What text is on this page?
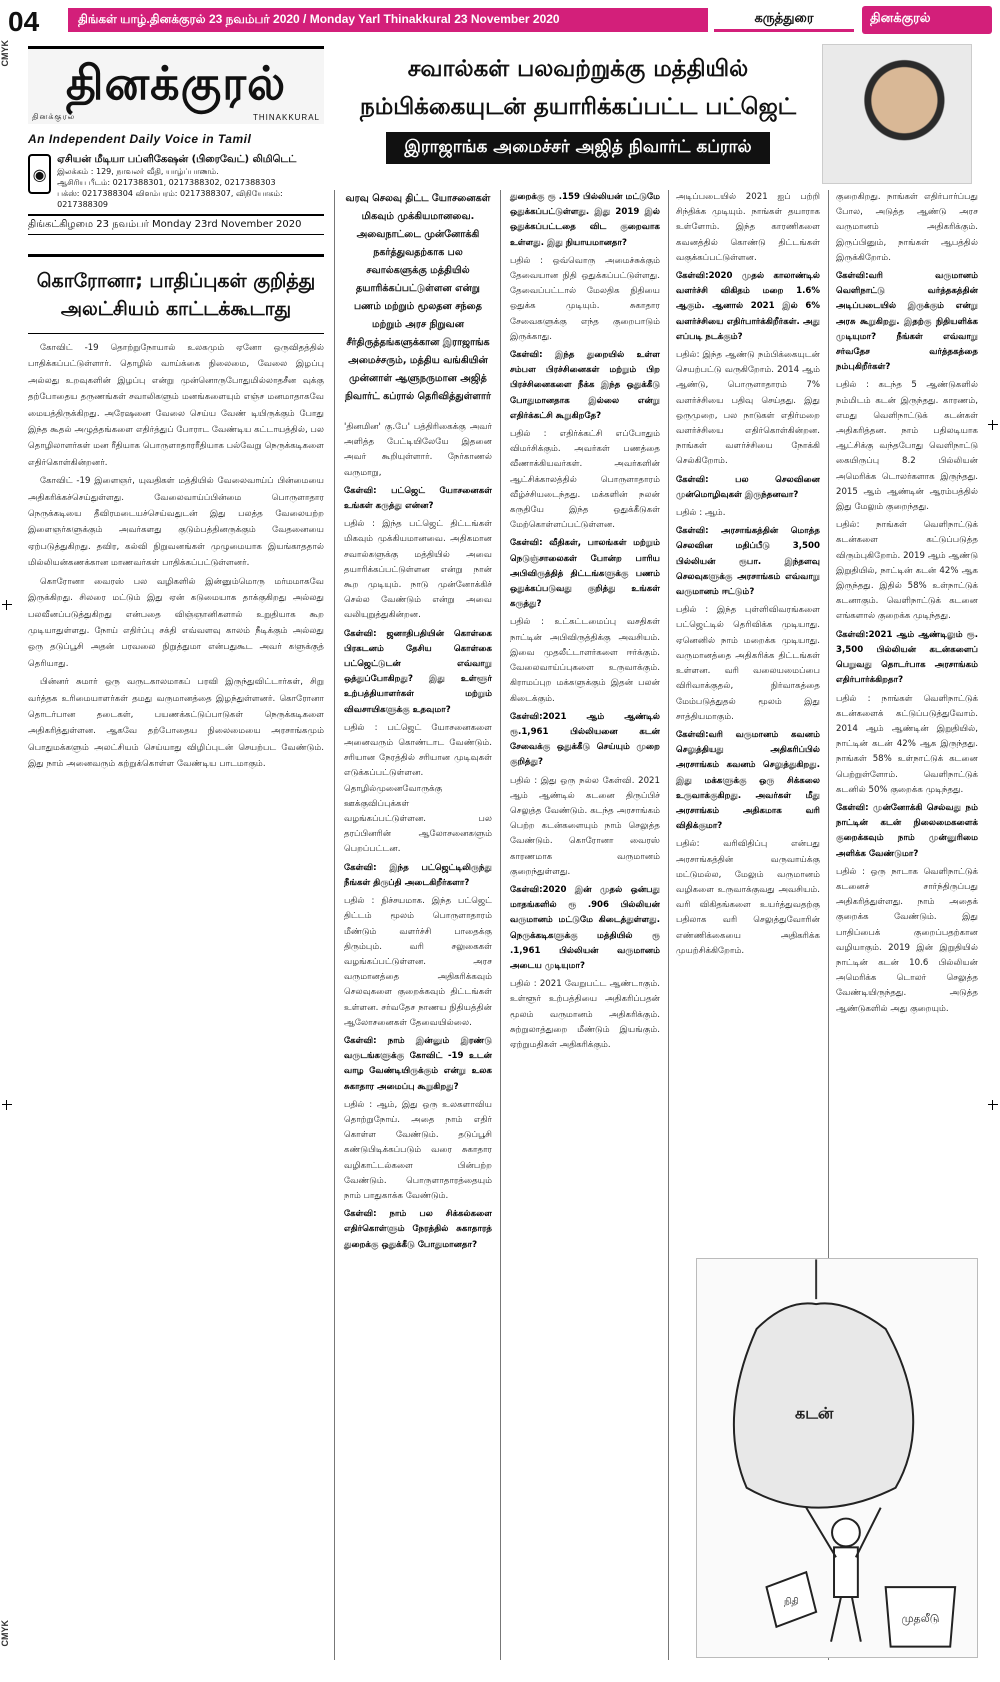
04	திங்கள் யாழ்.தினக்குரல் 23 நவம்பர் 2020 / Monday Yarl Thinakkural 23 November 2020	கருத்துரை	தினக்குரல்
CMYK
CMYK
தினக்குரல்
தினக்குரல்	THINAKKURAL
An Independent Daily Voice in Tamil
◉
ஏசியன் மீடியா பப்ளிகேஷன் (பிரைவேட்) லிமிடெட்
இலக்கம் : 129, நாவலர் வீதி, யாழ்ப்பாணம்.
ஆசிரிய பீடம்: 0217388301, 0217388302, 0217388303
பக்ஸ்: 0217388304 விளம்பரம்: 0217388307, விநியோகம்: 0217388309
திங்கட்கிழமை 23 நவம்பர் Monday 23rd November 2020
கொரோனா; பாதிப்புகள் குறித்து அலட்சியம் காட்டக்கூடாது

கோவிட் -19 தொற்றுநோயால் உலகமும் ஏனோ ஒருவிதத்தில் பாதிக்கப்பட்டுள்ளார். தொழில் வாய்க்கை நிலைமை, வேலை இழப்பு அல்லது உறவுகளின் இழப்பு என்று முன்னொருபோதுமில்லாதசீன வுக்கு தற்போதைய தருணங்கள் சவாலிகளும் மனங்களையும் எஞ்ச மனமாதாகவே மையத்திருக்கிறது. அரேஷனை வேலை செய்ய வேண் டியிருக்கும் போது இந்த கூதல் அழுத்தங்களை எதிர்த்துப் போராட வேண்டிய கட்டாயத்தில், பல தொழிலாளர்கள் மன ரீதியாக பொருளாதாரரீதியாக பல்வேறு நெருக்கடிகளை எதிர்கொள்கின்றனர்.

கோவிட் -19 இளைஞர், யுவதிகள் மத்தியில் வேலைவாய்ப் பின்மையை அதிகரிக்கச்செய்துள்ளது. வேலைவாய்ப்பின்மை பொருளாதார நெருக்கடியை தீவிரமடையச்செய்வதுடன் இது பலத்த வேலையற்ற இளைஞர்களுக்கும் அவர்களது குடும்பத்தினருக்கும் வேதனையை ஏற்படுத்துகிறது. தவிர, கல்வி நிறுவனங்கள் முழுமையாக இயங்காததால் மில்லியன்கணக்கான மாணவர்கள் பாதிக்கப்பட்டுள்ளனர்.

கொரோனா வைரஸ் பல வழிகளில் இன்னும்மொரு மர்மமாகவே இருக்கிறது. சிலரை மட்டும் இது ஏன் கடுமையாக தாக்குகிறது அல்லது பலவீனப்படுத்துகிறது என்பதை விஞ்ஞானிகளால் உறுதியாக கூற முடியாதுள்ளது. நோய் எதிர்ப்பு சக்தி எவ்வளவு காலம் நீடிக்கும் அல்லது ஒரு தடுப்பூசி அதன் பரவலை நிறுத்துமா என்பதுகூட அவர் களுக்குத் தெரியாது.

பின்னர் சுமார் ஒரு வருடகாலமாகப் பரவி இருந்துவிட்டார்கள், சிறு வர்த்தக உரிமையாளர்கள் தமது வருமானத்தை இழந்துள்ளனர். கொரோனா தொடர்பான தடைகள், பயணக்கட்டுப்பாடுகள் நெருக்கடிகளை அதிகரித்துள்ளன. ஆகவே தற்போதைய நிலைமையை அரசாங்கமும் பொதுமக்களும் அலட்சியம் செய்யாது விழிப்புடன் செயற்பட வேண்டும். இது நாம் அனைவரும் கற்றுக்கொள்ள வேண்டிய பாடமாகும்.

சவால்கள் பலவற்றுக்கு மத்தியில்
நம்பிக்கையுடன் தயாரிக்கப்பட்ட பட்ஜெட்
இராஜாங்க அமைச்சர் அஜித் நிவார்ட் கப்ரால்
வரவு செலவு திட்ட யோசனைகள் மிகவும் முக்கியமானவை. அவைநாட்டை முன்னோக்கி நகர்த்துவதற்காக பல சவால்களுக்கு மத்தியில் தயாரிக்கப்பட்டுள்ளன என்று பணம் மற்றும் மூலதன சந்தை மற்றும் அரச நிறுவன சீர்திருத்தங்களுக்கான இராஜாங்க அமைச்சரும், மத்திய வங்கியின் முன்னாள் ஆளுநருமான அஜித் நிவார்ட் கப்ரால் தெரிவித்துள்ளார்

'தினமின' கு.பே' பத்திரிகைக்கு அவர் அளித்த பேட்டியிலேயே இதனை அவர் கூறியுள்ளார். நேர்காணல் வருமாறு,

கேள்வி: பட்ஜெட் யோசனைகள் உங்கள் கருத்து என்ன?

பதில் : இந்த பட்ஜெட் திட்டங்கள் மிகவும் முக்கியமானவை. அதிகமான சவால்களுக்கு மத்தியில் அவை தயாரிக்கப்பட்டுள்ளன என்று நான் கூற முடியும். நாடு முன்னோக்கிச் செல்ல வேண்டும் என்று அவை வலியுறுத்துகின்றன.

கேள்வி: ஜனாதிபதியின் கொள்கை பிரகடனம் தேசிய கொள்கை பட்ஜெட்டுடன் எவ்வாறு ஒத்துப்போகிறது? இது உள்ளூர் உற்பத்தியாளர்கள் மற்றும் விவசாயிகளுக்கு உதவுமா?

பதில் : பட்ஜெட் யோசனைகளை அனைவரும் கொண்டாட வேண்டும். சரியான நேரத்தில் சரியான முடிவுகள் எடுக்கப்பட்டுள்ளன. தொழில்முனைவோருக்கு ஊக்குவிப்புக்கள் வழங்கப்பட்டுள்ளன. பல தரப்பினரின் ஆலோசனைகளும் பெறப்பட்டன.

கேள்வி: இந்த பட்ஜெட்டிலிருந்து நீங்கள் திருப்தி அடைகிறீர்களா?

பதில் : நிச்சயமாக. இந்த பட்ஜெட் திட்டம் மூலம் பொருளாதாரம் மீண்டும் வளர்ச்சி பாதைக்கு திரும்பும். வரி சலுகைகள் வழங்கப்பட்டுள்ளன. அரச வருமானத்தை அதிகரிக்கவும் செலவுகளை குறைக்கவும் திட்டங்கள் உள்ளன. சர்வதேச நாணய நிதியத்தின் ஆலோசனைகள் தேவையில்லை.

கேள்வி: நாம் இன்னும் இரண்டு வருடங்களுக்கு கோவிட் -19 உடன் வாழ வேண்டியிருக்கும் என்று உலக சுகாதார அமைப்பு கூறுகிறது?

பதில் : ஆம், இது ஒரு உலகளாவிய தொற்றுநோய். அதை நாம் எதிர் கொள்ள வேண்டும். தடுப்பூசி கண்டுபிடிக்கப்படும் வரை சுகாதார வழிகாட்டல்களை பின்பற்ற வேண்டும். பொருளாதாரத்தையும் நாம் பாதுகாக்க வேண்டும்.

கேள்வி: நாம் பல சிக்கல்களை எதிர்கொள்ளும் நேரத்தில் சுகாதாரத் துறைக்கு ஒதுக்கீடு போதுமானதா?

துறைக்கு ரூ .159 பில்லியன் மட்டுமே ஒதுக்கப்பட்டுள்ளது. இது 2019 இல் ஒதுக்கப்பட்டதை விட குறைவாக உள்ளது. இது நியாயமானதா?

பதில் : ஒவ்வொரு அமைச்சுக்கும் தேவையான நிதி ஒதுக்கப்பட்டுள்ளது. தேவைப்பட்டால் மேலதிக நிதியை ஒதுக்க முடியும். சுகாதார சேவைகளுக்கு எந்த குறைபாடும் இருக்காது.

கேள்வி: இந்த துறையில் உள்ள சம்பள பிரச்சினைகள் மற்றும் பிற பிரச்சினைகளை நீக்க இந்த ஒதுக்கீடு போதுமானதாக இல்லை என்று எதிர்க்கட்சி கூறுகிறதே?

பதில் : எதிர்க்கட்சி எப்போதும் விமர்சிக்கும். அவர்கள் பணத்தை வீணாக்கியவர்கள். அவர்களின் ஆட்சிக்காலத்தில் பொருளாதாரம் வீழ்ச்சியடைந்தது. மக்களின் நலன் கருதியே இந்த ஒதுக்கீடுகள் மேற்கொள்ளப்பட்டுள்ளன.

கேள்வி: வீதிகள், பாலங்கள் மற்றும் நெடுஞ்சாலைகள் போன்ற பாரிய அபிவிருத்தித் திட்டங்களுக்கு பணம் ஒதுக்கப்படுவது குறித்து உங்கள் கருத்து?

பதில் : உட்கட்டமைப்பு வசதிகள் நாட்டின் அபிவிருத்திக்கு அவசியம். இவை முதலீட்டாளர்களை ஈர்க்கும். வேலைவாய்ப்புகளை உருவாக்கும். கிராமப்புற மக்களுக்கும் இதன் பலன் கிடைக்கும்.

கேள்வி:2021 ஆம் ஆண்டில் ரூ.1,961 பில்லியனை கடன் சேவைக்கு ஒதுக்கீடு செய்யும் முறை குறித்து?

பதில் : இது ஒரு நல்ல கேள்வி. 2021 ஆம் ஆண்டில் கடனை திருப்பிச் செலுத்த வேண்டும். கடந்த அரசாங்கம் பெற்ற கடன்களையும் நாம் செலுத்த வேண்டும். கொரோனா வைரஸ் காரணமாக வருமானம் குறைந்துள்ளது.

கேள்வி:2020 இன் முதல் ஒன்பது மாதங்களில் ரூ .906 பில்லியன் வருமானம் மட்டுமே கிடைத்துள்ளது. நெருக்கடிகளுக்கு மத்தியில் ரூ .1,961 பில்லியன் வருமானம் அடைய முடியுமா?

பதில் : 2021 வேறுபட்ட ஆண்டாகும். உள்ளூர் உற்பத்தியை அதிகரிப்பதன் மூலம் வருமானம் அதிகரிக்கும். சுற்றுலாத்துறை மீண்டும் இயங்கும். ஏற்றுமதிகள் அதிகரிக்கும்.

அடிப்படையில் 2021 ஐப் பற்றி சிந்திக்க முடியும். நாங்கள் தயாராக உள்ளோம். இந்த காரணிகளை கவனத்தில் கொண்டு திட்டங்கள் வகுக்கப்பட்டுள்ளன.

கேள்வி:2020 முதல் காலாண்டில் வளர்ச்சி விகிதம் மறை 1.6% ஆகும். ஆனால் 2021 இல் 6% வளர்ச்சியை எதிர்பார்க்கிறீர்கள். அது எப்படி நடக்கும்?

பதில்: இந்த ஆண்டு நம்பிக்கையுடன் செயற்பட்டு வருகிறோம். 2014 ஆம் ஆண்டு, பொருளாதாரம் 7% வளர்ச்சியை பதிவு செய்தது. இது ஒருமுறை, பல நாடுகள் எதிர்மறை வளர்ச்சியை எதிர்கொள்கின்றன. நாங்கள் வளர்ச்சியை நோக்கி செல்கிறோம்.

கேள்வி: பல செலவினை முன்மொழிவுகள் இருந்தனவா?

பதில் : ஆம்.

கேள்வி: அரசாங்கத்தின் மொத்த செலவின மதிப்பீடு 3,500 பில்லியன் ரூபா. இந்தளவு செலவுகளுக்கு அரசாங்கம் எவ்வாறு வருமானம் ஈட்டும்?

பதில் : இந்த புள்ளிவிவரங்களை பட்ஜெட்டில் தெரிவிக்க முடியாது. ஏனெனில் நாம் மறைக்க முடியாது. வருமானத்தை அதிகரிக்க திட்டங்கள் உள்ளன. வரி வலையமைப்பை விரிவாக்குதல், நிர்வாகத்தை மேம்படுத்துதல் மூலம் இது சாத்தியமாகும்.

கேள்வி:வரி வருமானம் கவனம் செலுத்தியது அதிகரிப்பில் அரசாங்கம் கவனம் செலுத்துகிறது. இது மக்களுக்கு ஒரு சிக்கலை உருவாக்குகிறது. அவர்கள் மீது அரசாங்கம் அதிகமாக வரி விதிக்குமா?

பதில்: வரிவிதிப்பு என்பது அரசாங்கத்தின் வருவாய்க்கு மட்டுமல்ல, மேலும் வருமானம் வழிகளை உருவாக்குவது அவசியம். வரி விகிதங்களை உயர்த்துவதற்கு பதிலாக வரி செலுத்துவோரின் எண்ணிக்கையை அதிகரிக்க முயற்சிக்கிறோம்.

குறைகிறது. நாங்கள் எதிர்பார்ப்பது போல, அடுத்த ஆண்டு அரச வருமானம் அதிகரிக்கும். இருப்பினும், நாங்கள் ஆபத்தில் இருக்கிறோம்.

கேள்வி:வரி வருமானம் வெளிநாட்டு வர்த்தகத்தின் அடிப்படையில் இருக்கும் என்று அரசு கூறுகிறது. இதற்கு நிதியளிக்க முடியுமா? நீங்கள் எவ்வாறு சர்வதேச வர்த்தகத்தை நம்புகிறீர்கள்?

பதில் : கடந்த 5 ஆண்டுகளில் நம்மிடம் கடன் இருந்தது. காரணம், எமது வெளிநாட்டுக் கடன்கள் அதிகரித்தன. நாம் பதிலடியாக ஆட்சிக்கு வந்தபோது வெளிநாட்டு கையிருப்பு 8.2 பில்லியன் அமெரிக்க டொலர்களாக இருந்தது. 2015 ஆம் ஆண்டின் ஆரம்பத்தில் இது மேலும் குறைந்தது.

பதில்: நாங்கள் வெளிநாட்டுக் கடன்களை கட்டுப்படுத்த விரும்புகிறோம். 2019 ஆம் ஆண்டு இறுதியில், நாட்டின் கடன் 42% ஆக இருந்தது. இதில் 58% உள்நாட்டுக் கடனாகும். வெளிநாட்டுக் கடனை எங்களால் குறைக்க முடிந்தது.

கேள்வி:2021 ஆம் ஆண்டிலும் ரூ. 3,500 பில்லியன் கடன்களைப் பெறுவது தொடர்பாக அரசாங்கம் எதிர்பார்க்கிறதா?

பதில் : நாங்கள் வெளிநாட்டுக் கடன்களைக் கட்டுப்படுத்துவோம். 2014 ஆம் ஆண்டின் இறுதியில், நாட்டின் கடன் 42% ஆக இருந்தது. நாங்கள் 58% உள்நாட்டுக் கடனை பெற்றுள்ளோம். வெளிநாட்டுக் கடனில் 50% குறைக்க முடிந்தது.

கேள்வி: முன்னோக்கி செல்வது நம் நாட்டின் கடன் நிலைமைகளைக் குறைக்கவும் நாம் முன்னுரிமை அளிக்க வேண்டுமா?

பதில் : ஒரு நாடாக வெளிநாட்டுக் கடனைச் சார்ந்திருப்பது அதிகரித்துள்ளது. நாம் அதைக் குறைக்க வேண்டும். இது பாதிப்பைக் குறைப்பதற்கான வழியாகும். 2019 இன் இறுதியில் நாட்டின் கடன் 10.6 பில்லியன் அமெரிக்க டொலர் செலுத்த வேண்டியிருந்தது. அடுத்த ஆண்டுகளில் அது குறையும்.

கடன்
நிதி
முதலீடு
